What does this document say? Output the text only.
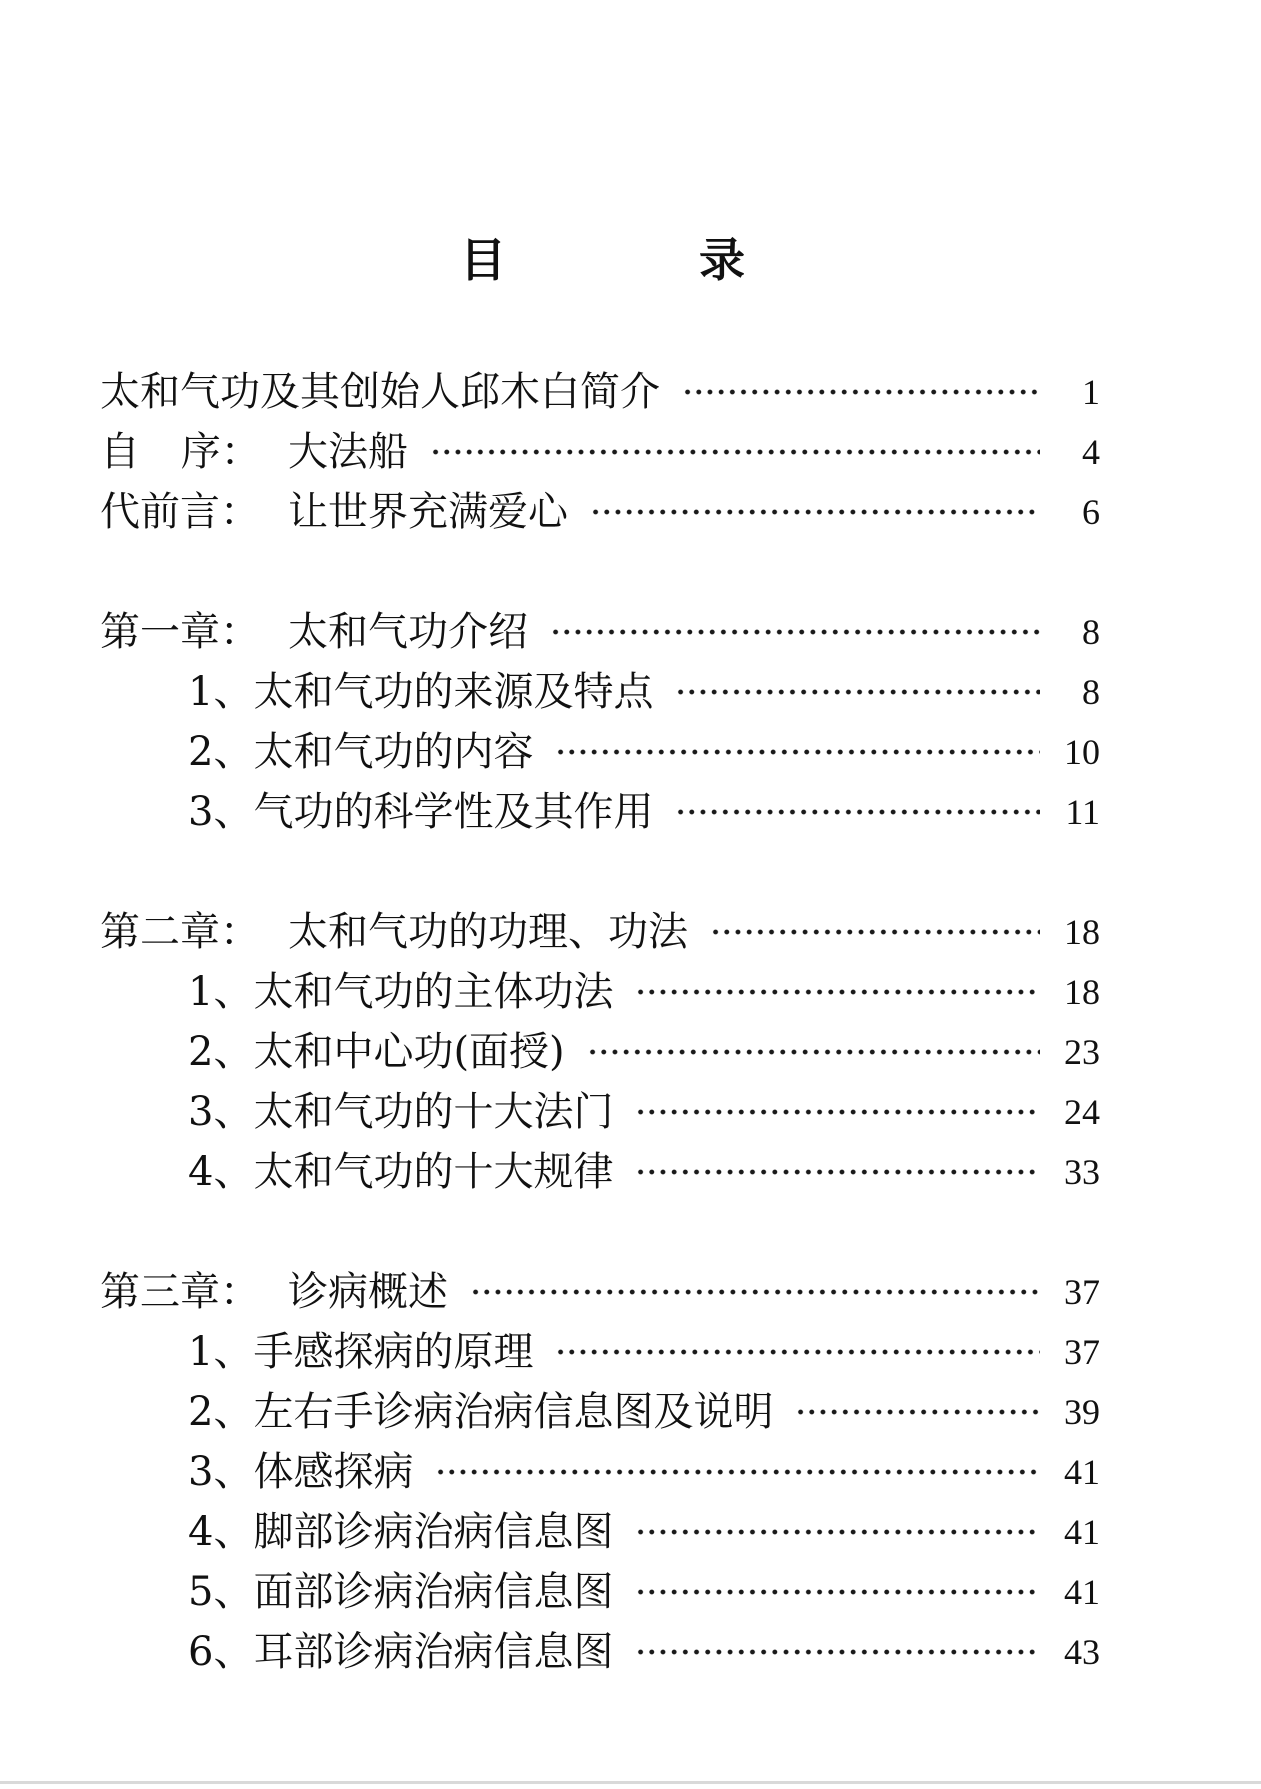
目	录
太和气功及其创始人邱木白简介	1
自 序： 大法船	4
代前言： 让世界充满爱心	6
第一章： 太和气功介绍	8
1、太和气功的来源及特点	8
2、太和气功的内容	10
3、气功的科学性及其作用	11
第二章： 太和气功的功理、功法	18
1、太和气功的主体功法	18
2、太和中心功(面授)	23
3、太和气功的十大法门	24
4、太和气功的十大规律	33
第三章： 诊病概述	37
1、手感探病的原理	37
2、左右手诊病治病信息图及说明	39
3、体感探病	41
4、脚部诊病治病信息图	41
5、面部诊病治病信息图	41
6、耳部诊病治病信息图	43
